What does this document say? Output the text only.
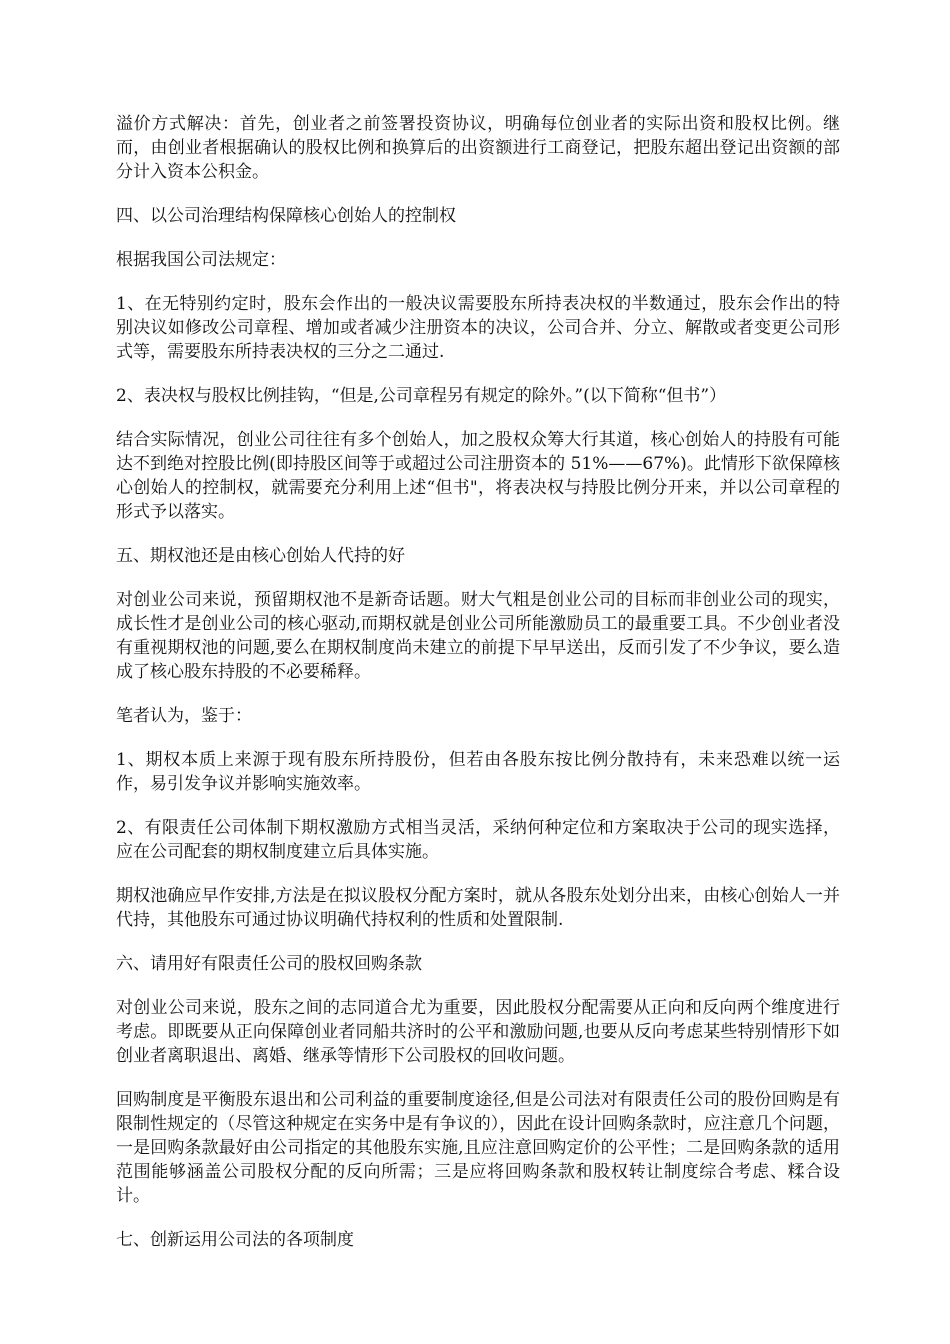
溢价方式解决：首先，创业者之前签署投资协议，明确每位创业者的实际出资和股权比例。继而，由创业者根据确认的股权比例和换算后的出资额进行工商登记，把股东超出登记出资额的部分计入资本公积金。

四、以公司治理结构保障核心创始人的控制权

根据我国公司法规定：

1、在无特别约定时，股东会作出的一般决议需要股东所持表决权的半数通过，股东会作出的特别决议如修改公司章程、增加或者减少注册资本的决议，公司合并、分立、解散或者变更公司形式等，需要股东所持表决权的三分之二通过.

2、表决权与股权比例挂钩，“但是,公司章程另有规定的除外。”(以下简称“但书”）

结合实际情况，创业公司往往有多个创始人，加之股权众筹大行其道，核心创始人的持股有可能达不到绝对控股比例(即持股区间等于或超过公司注册资本的 51%——67%)。此情形下欲保障核心创始人的控制权，就需要充分利用上述“但书"，将表决权与持股比例分开来，并以公司章程的形式予以落实。

五、期权池还是由核心创始人代持的好

对创业公司来说，预留期权池不是新奇话题。财大气粗是创业公司的目标而非创业公司的现实，成长性才是创业公司的核心驱动,而期权就是创业公司所能激励员工的最重要工具。不少创业者没有重视期权池的问题,要么在期权制度尚未建立的前提下早早送出，反而引发了不少争议，要么造成了核心股东持股的不必要稀释。

笔者认为，鉴于：

1、期权本质上来源于现有股东所持股份，但若由各股东按比例分散持有，未来恐难以统一运作，易引发争议并影响实施效率。

2、有限责任公司体制下期权激励方式相当灵活，采纳何种定位和方案取决于公司的现实选择，应在公司配套的期权制度建立后具体实施。

期权池确应早作安排,方法是在拟议股权分配方案时，就从各股东处划分出来，由核心创始人一并代持，其他股东可通过协议明确代持权利的性质和处置限制.

六、请用好有限责任公司的股权回购条款

对创业公司来说，股东之间的志同道合尤为重要，因此股权分配需要从正向和反向两个维度进行考虑。即既要从正向保障创业者同船共济时的公平和激励问题,也要从反向考虑某些特别情形下如创业者离职退出、离婚、继承等情形下公司股权的回收问题。

回购制度是平衡股东退出和公司利益的重要制度途径,但是公司法对有限责任公司的股份回购是有限制性规定的（尽管这种规定在实务中是有争议的），因此在设计回购条款时，应注意几个问题，一是回购条款最好由公司指定的其他股东实施,且应注意回购定价的公平性；二是回购条款的适用范围能够涵盖公司股权分配的反向所需；三是应将回购条款和股权转让制度综合考虑、糅合设计。

七、创新运用公司法的各项制度
